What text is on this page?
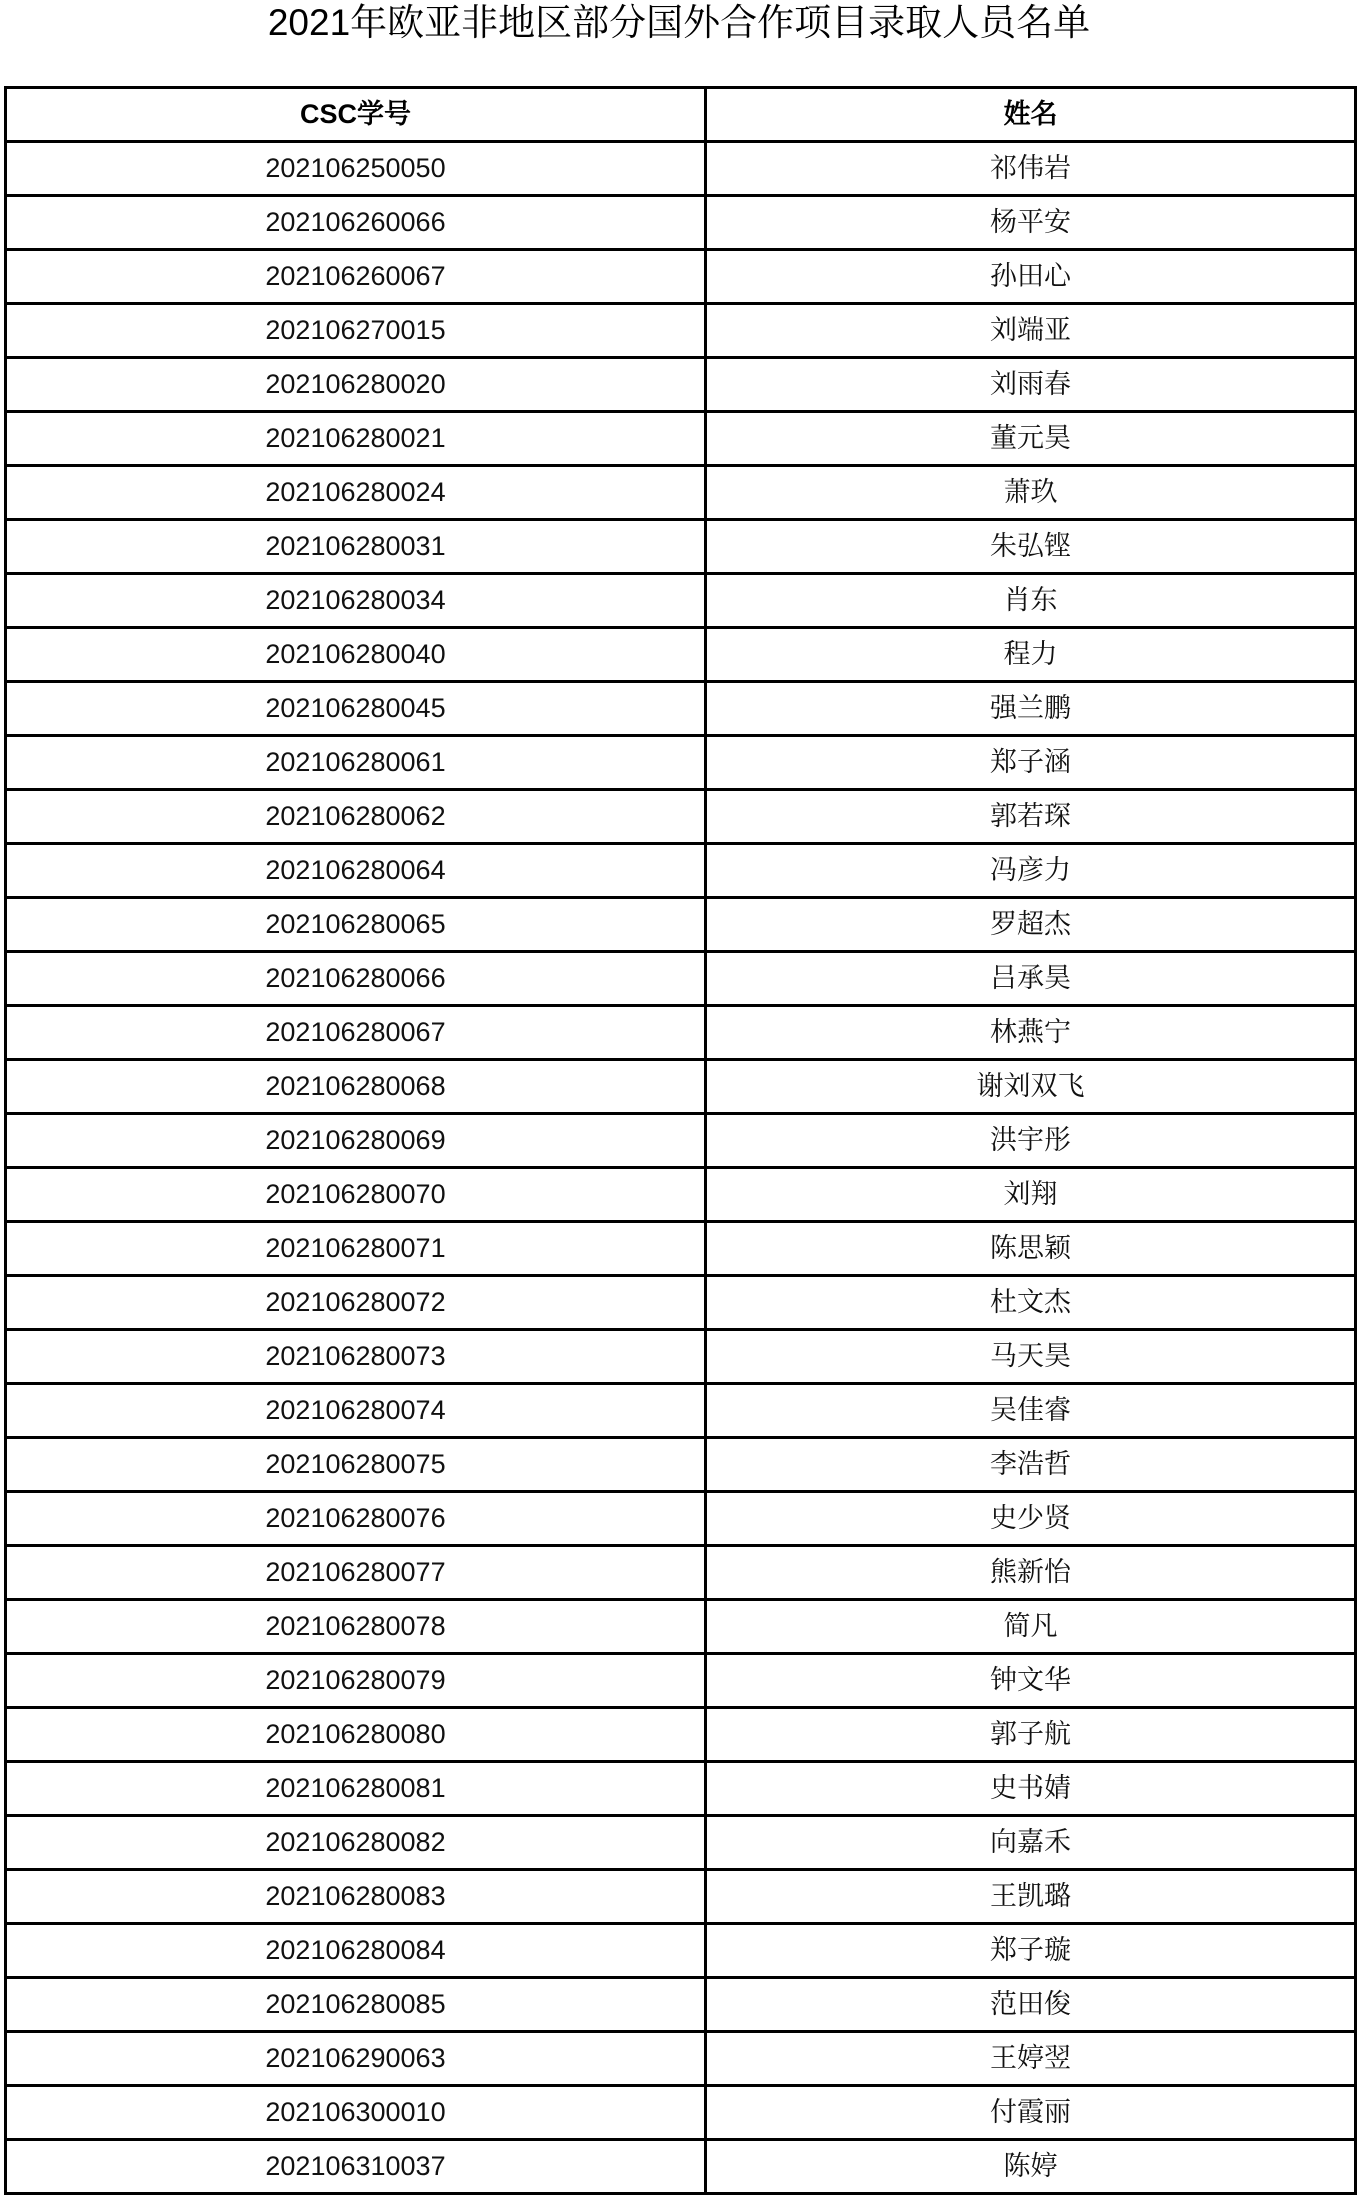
2021年欧亚非地区部分国外合作项目录取人员名单
CSC学号	姓名
202106250050	祁伟岩
202106260066	杨平安
202106260067	孙田心
202106270015	刘端亚
202106280020	刘雨春
202106280021	董元昊
202106280024	萧玖
202106280031	朱弘铿
202106280034	肖东
202106280040	程力
202106280045	强兰鹏
202106280061	郑子涵
202106280062	郭若琛
202106280064	冯彦力
202106280065	罗超杰
202106280066	吕承昊
202106280067	林燕宁
202106280068	谢刘双飞
202106280069	洪宇彤
202106280070	刘翔
202106280071	陈思颖
202106280072	杜文杰
202106280073	马天昊
202106280074	吴佳睿
202106280075	李浩哲
202106280076	史少贤
202106280077	熊新怡
202106280078	简凡
202106280079	钟文华
202106280080	郭子航
202106280081	史书婧
202106280082	向嘉禾
202106280083	王凯璐
202106280084	郑子璇
202106280085	范田俊
202106290063	王婷翌
202106300010	付霞丽
202106310037	陈婷
